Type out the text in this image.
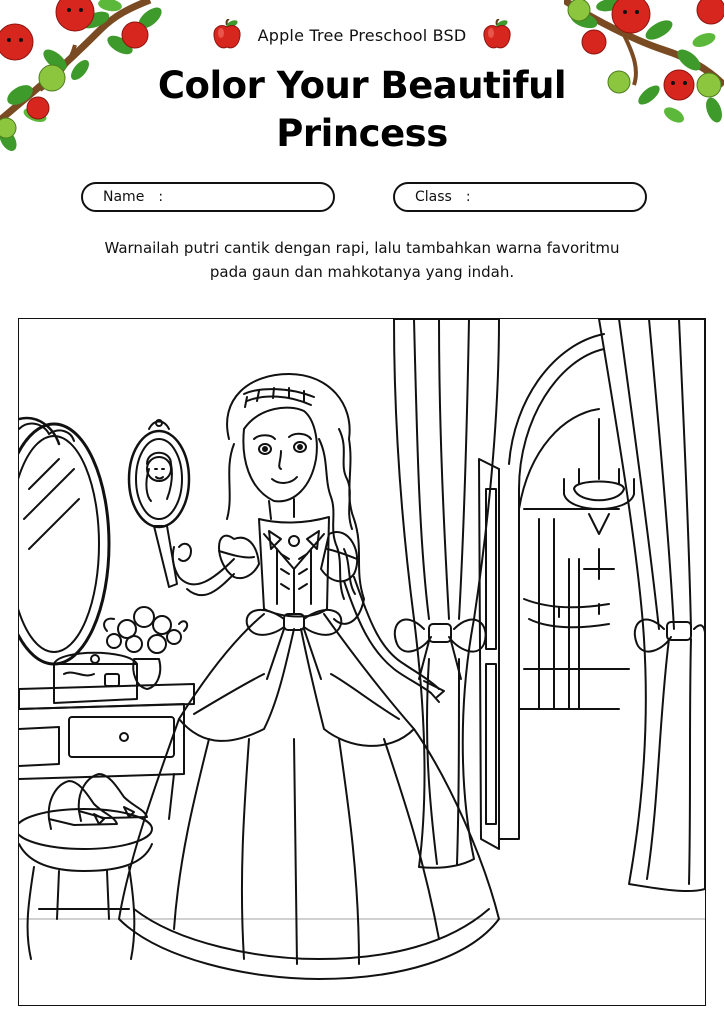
Apple Tree Preschool BSD
Color Your Beautiful
Princess
Name :	Class :

Warnailah putri cantik dengan rapi, lalu tambahkan warna favoritmu
pada gaun dan mahkotanya yang indah.
